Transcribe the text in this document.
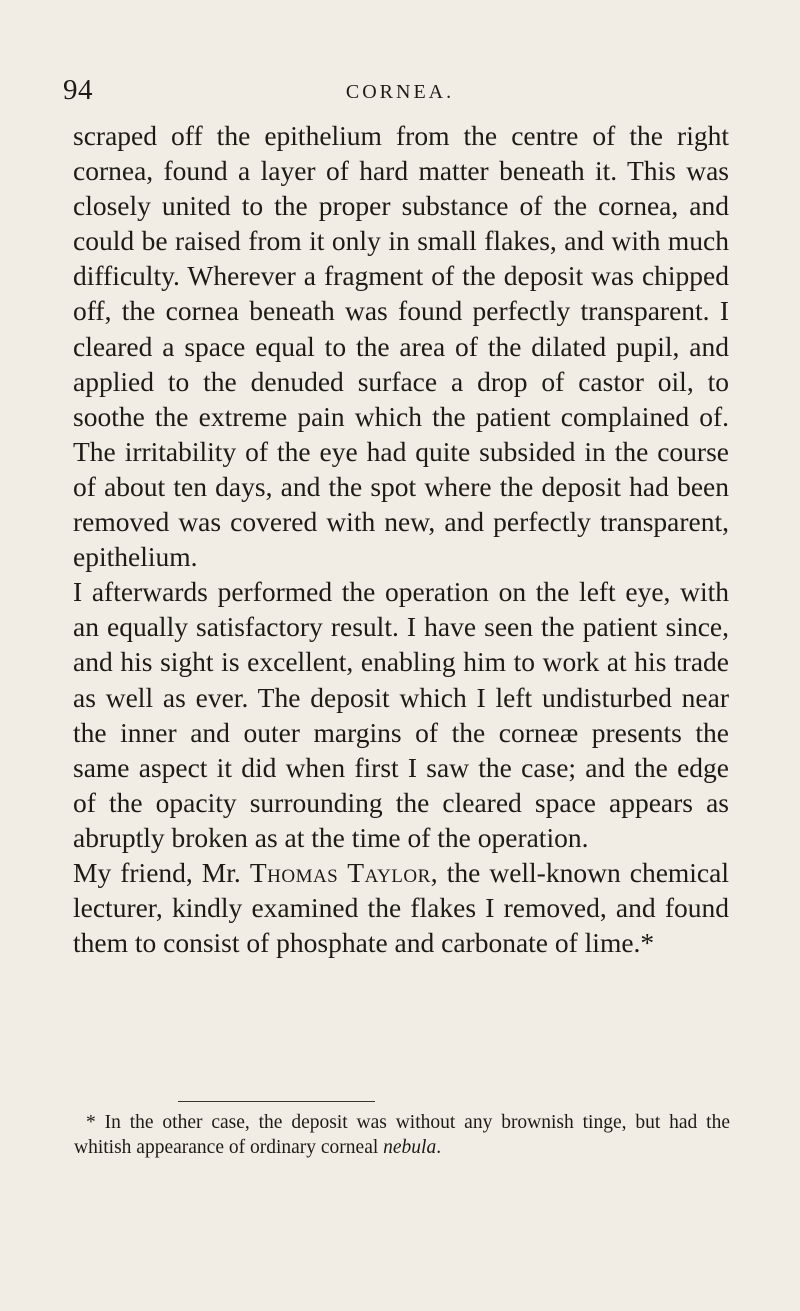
94	CORNEA.

scraped off the epithelium from the centre of the right cornea, found a layer of hard matter beneath it. This was closely united to the proper substance of the cornea, and could be raised from it only in small flakes, and with much difficulty. Wherever a fragment of the deposit was chipped off, the cornea beneath was found perfectly transparent. I cleared a space equal to the area of the dilated pupil, and applied to the denuded surface a drop of castor oil, to soothe the extreme pain which the patient complained of. The irritability of the eye had quite subsided in the course of about ten days, and the spot where the deposit had been removed was covered with new, and perfectly transparent, epithelium.

I afterwards performed the operation on the left eye, with an equally satisfactory result. I have seen the patient since, and his sight is excellent, enabling him to work at his trade as well as ever. The deposit which I left undisturbed near the inner and outer margins of the corneæ presents the same aspect it did when first I saw the case; and the edge of the opacity surrounding the cleared space appears as abruptly broken as at the time of the operation.

My friend, Mr. Thomas Taylor, the well-known chemical lecturer, kindly examined the flakes I removed, and found them to consist of phosphate and carbonate of lime.*

* In the other case, the deposit was without any brownish tinge, but had the whitish appearance of ordinary corneal nebula.
